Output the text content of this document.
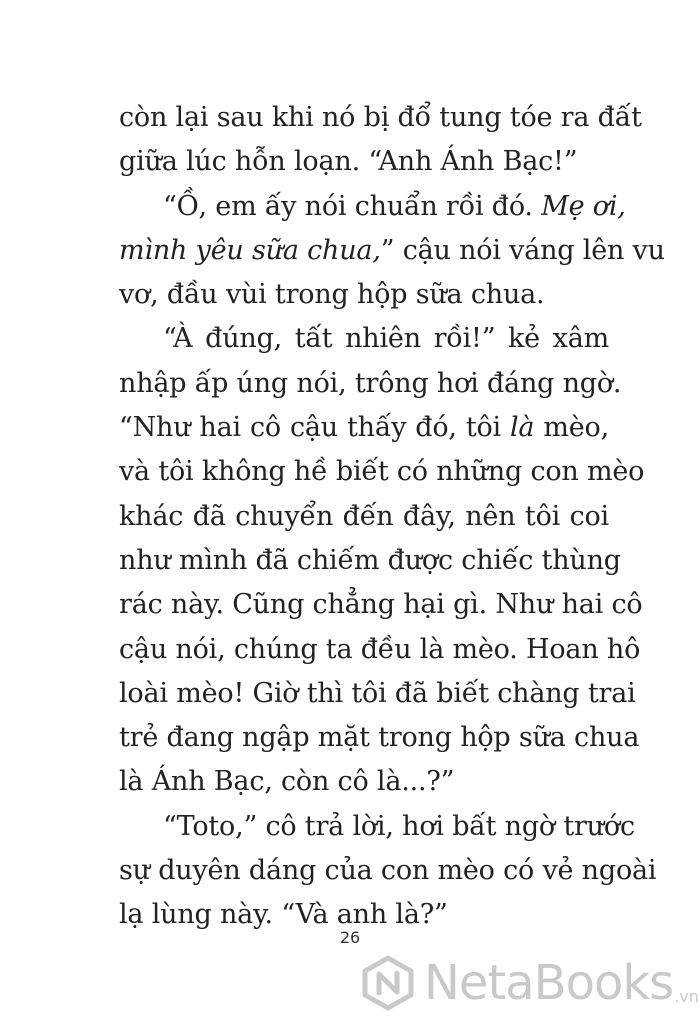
còn lại sau khi nó bị đổ tung tóe ra đất
giữa lúc hỗn loạn. “Anh Ánh Bạc!”
“Ồ, em ấy nói chuẩn rồi đó. Mẹ ơi,
mình yêu sữa chua,” cậu nói váng lên vu
vơ, đầu vùi trong hộp sữa chua.
“À đúng, tất nhiên rồi!” kẻ xâm
nhập ấp úng nói, trông hơi đáng ngờ.
“Như hai cô cậu thấy đó, tôi là mèo,
và tôi không hề biết có những con mèo
khác đã chuyển đến đây, nên tôi coi
như mình đã chiếm được chiếc thùng
rác này. Cũng chẳng hại gì. Như hai cô
cậu nói, chúng ta đều là mèo. Hoan hô
loài mèo! Giờ thì tôi đã biết chàng trai
trẻ đang ngập mặt trong hộp sữa chua
là Ánh Bạc, còn cô là...?”
“Toto,” cô trả lời, hơi bất ngờ trước
sự duyên dáng của con mèo có vẻ ngoài
lạ lùng này. “Và anh là?”
26
NetaBooks .vn
